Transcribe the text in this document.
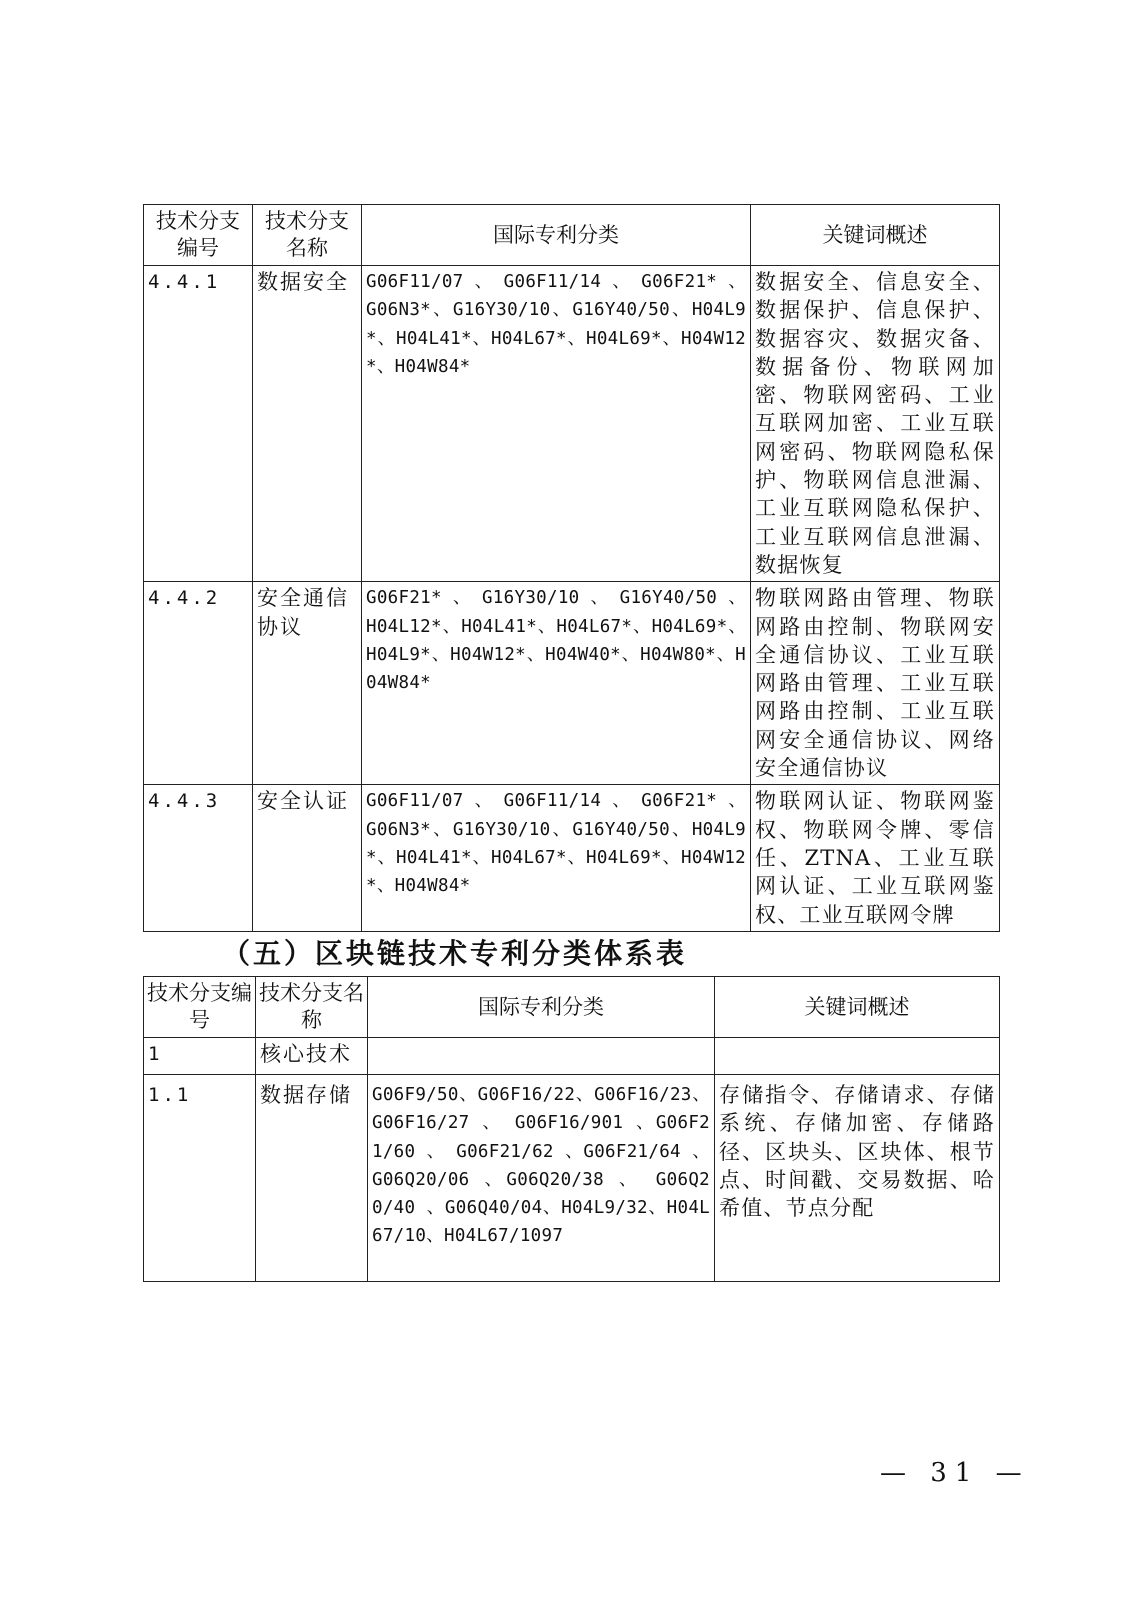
技术分支编号	技术分支名称	国际专利分类	关键词概述
4.4.1	数据安全	G06F11/07 、 G06F11/14 、 G06F21* 、G06N3*、G16Y30/10、G16Y40/50、H04L9*、H04L41*、H04L67*、H04L69*、H04W12*、H04W84*	数据安全、信息安全、数据保护、信息保护、数据容灾、数据灾备、数据备份、物联网加密、物联网密码、工业互联网加密、工业互联网密码、物联网隐私保护、物联网信息泄漏、工业互联网隐私保护、工业互联网信息泄漏、数据恢复
4.4.2	安全通信协议	G06F21* 、 G16Y30/10 、 G16Y40/50 、H04L12*、H04L41*、H04L67*、H04L69*、H04L9*、H04W12*、H04W40*、H04W80*、H04W84*	物联网路由管理、物联网路由控制、物联网安全通信协议、工业互联网路由管理、工业互联网路由控制、工业互联网安全通信协议、网络安全通信协议
4.4.3	安全认证	G06F11/07 、 G06F11/14 、 G06F21* 、G06N3*、G16Y30/10、G16Y40/50、H04L9*、H04L41*、H04L67*、H04L69*、H04W12*、H04W84*	物联网认证、物联网鉴权、物联网令牌、零信任、ZTNA、工业互联网认证、工业互联网鉴权、工业互联网令牌
（五）区块链技术专利分类体系表
技术分支编号	技术分支名称	国际专利分类	关键词概述
1	核心技术		
1.1	数据存储	G06F9/50、G06F16/22、G06F16/23、G06F16/27 、 G06F16/901 、G06F21/60 、 G06F21/62 、G06F21/64 、 G06Q20/06 、G06Q20/38 、 G06Q20/40 、G06Q40/04、H04L9/32、H04L67/10、H04L67/1097	存储指令、存储请求、存储系统、存储加密、存储路径、区块头、区块体、根节点、时间戳、交易数据、哈希值、节点分配
— 31 —
